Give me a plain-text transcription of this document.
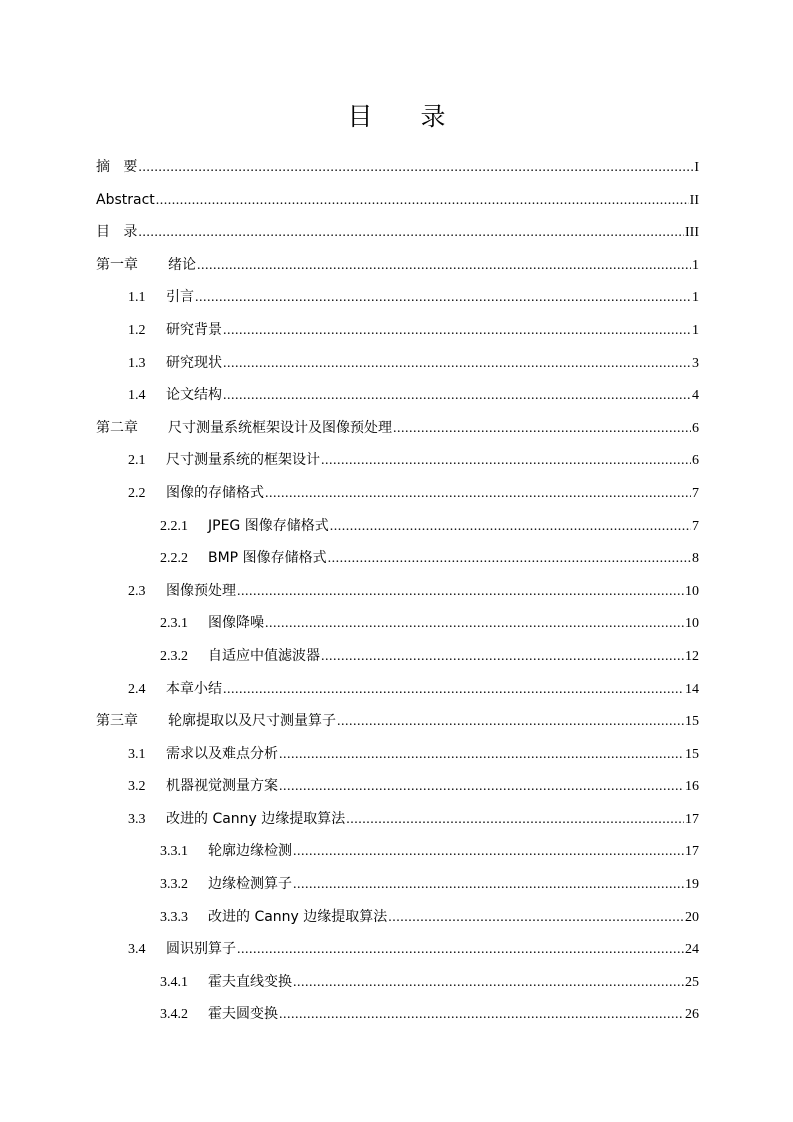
目 录
摘   要 .....	I
Abstract .....	II
目   录 .....	III
第一章	绪论 .....	1
1.1	引言 .....	1
1.2	研究背景 .....	1
1.3	研究现状 .....	3
1.4	论文结构 .....	4
第二章	尺寸测量系统框架设计及图像预处理 .....	6
2.1	尺寸测量系统的框架设计 .....	6
2.2	图像的存储格式 .....	7
2.2.1	JPEG 图像存储格式 .....	7
2.2.2	BMP 图像存储格式 .....	8
2.3	图像预处理 .....	10
2.3.1	图像降噪 .....	10
2.3.2	自适应中值滤波器 .....	12
2.4	本章小结 .....	14
第三章	轮廓提取以及尺寸测量算子 .....	15
3.1	需求以及难点分析 .....	15
3.2	机器视觉测量方案 .....	16
3.3	改进的 Canny 边缘提取算法 .....	17
3.3.1	轮廓边缘检测 .....	17
3.3.2	边缘检测算子 .....	19
3.3.3	改进的 Canny 边缘提取算法 .....	20
3.4	圆识别算子 .....	24
3.4.1	霍夫直线变换 .....	25
3.4.2	霍夫圆变换 .....	26
